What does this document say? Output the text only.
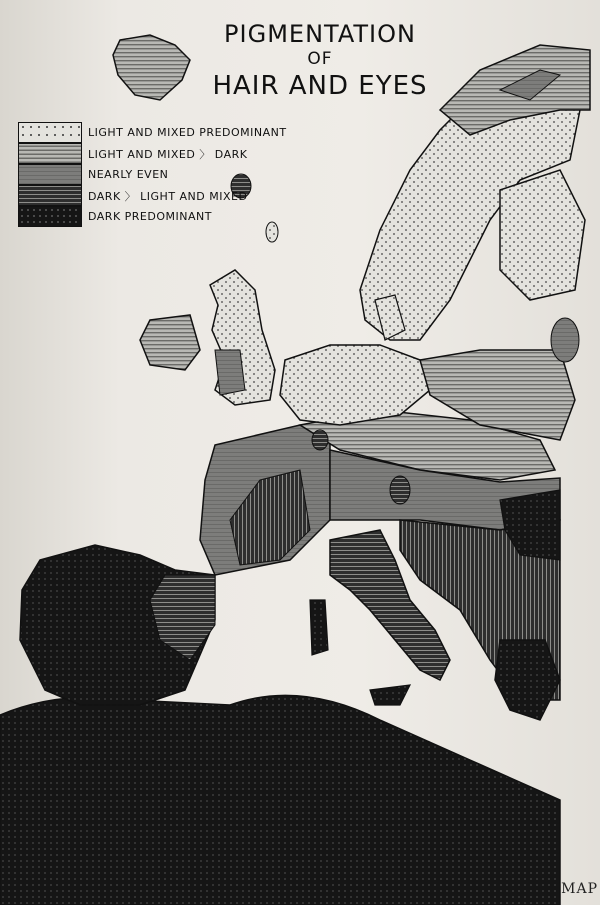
PIGMENTATION
OF
HAIR AND EYES
LIGHT AND MIXED PREDOMINANT
LIGHT AND MIXED 〉 DARK
NEARLY EVEN
DARK 〉 LIGHT AND MIXED
DARK PREDOMINANT
MAP
